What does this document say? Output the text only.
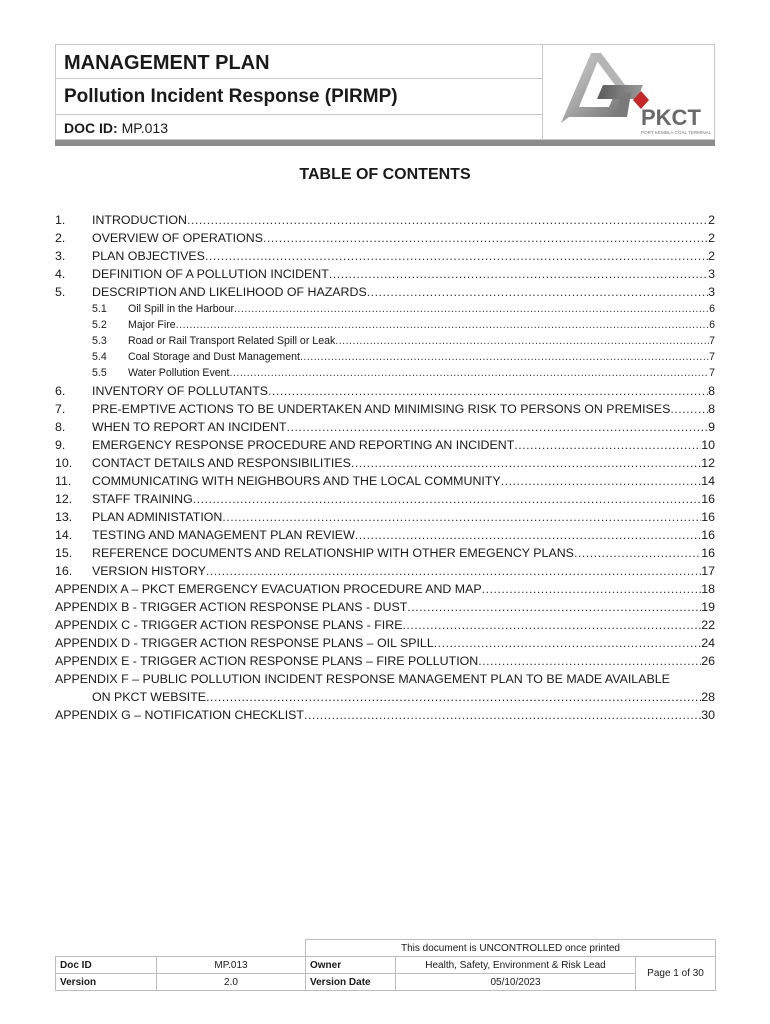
MANAGEMENT PLAN
Pollution Incident Response (PIRMP)
DOC ID: MP.013	PKCT
PORT KEMBLA COAL TERMINAL
TABLE OF CONTENTS
1.	INTRODUCTION .....	2
2.	OVERVIEW OF OPERATIONS .....	2
3.	PLAN OBJECTIVES .....	2
4.	DEFINITION OF A POLLUTION INCIDENT .....	3
5.	DESCRIPTION AND LIKELIHOOD OF HAZARDS .....	3
5.1	Oil Spill in the Harbour .....	6
5.2	Major Fire .....	6
5.3	Road or Rail Transport Related Spill or Leak .....	7
5.4	Coal Storage and Dust Management .....	7
5.5	Water Pollution Event .....	7
6.	INVENTORY OF POLLUTANTS .....	8
7.	PRE-EMPTIVE ACTIONS TO BE UNDERTAKEN AND MINIMISING RISK TO PERSONS ON PREMISES .....	8
8.	WHEN TO REPORT AN INCIDENT .....	9
9.	EMERGENCY RESPONSE PROCEDURE AND REPORTING AN INCIDENT .....	10
10.	CONTACT DETAILS AND RESPONSIBILITIES .....	12
11.	COMMUNICATING WITH NEIGHBOURS AND THE LOCAL COMMUNITY .....	14
12.	STAFF TRAINING .....	16
13.	PLAN ADMINISTATION .....	16
14.	TESTING AND MANAGEMENT PLAN REVIEW .....	16
15.	REFERENCE DOCUMENTS AND RELATIONSHIP WITH OTHER EMEGENCY PLANS .....	16
16.	VERSION HISTORY .....	17
APPENDIX A – PKCT EMERGENCY EVACUATION PROCEDURE AND MAP .....	18
APPENDIX B - TRIGGER ACTION RESPONSE PLANS - DUST .....	19
APPENDIX C - TRIGGER ACTION RESPONSE PLANS - FIRE .....	22
APPENDIX D - TRIGGER ACTION RESPONSE PLANS – OIL SPILL .....	24
APPENDIX E - TRIGGER ACTION RESPONSE PLANS – FIRE POLLUTION .....	26
APPENDIX F – PUBLIC POLLUTION INCIDENT RESPONSE MANAGEMENT PLAN TO BE MADE AVAILABLE
ON PKCT WEBSITE .....	28
APPENDIX G – NOTIFICATION CHECKLIST .....	30
		This document is UNCONTROLLED once printed		
Doc ID	MP.013	Owner	Health, Safety, Environment & Risk Lead	Page 1 of 30
Version	2.0	Version Date	05/10/2023	
